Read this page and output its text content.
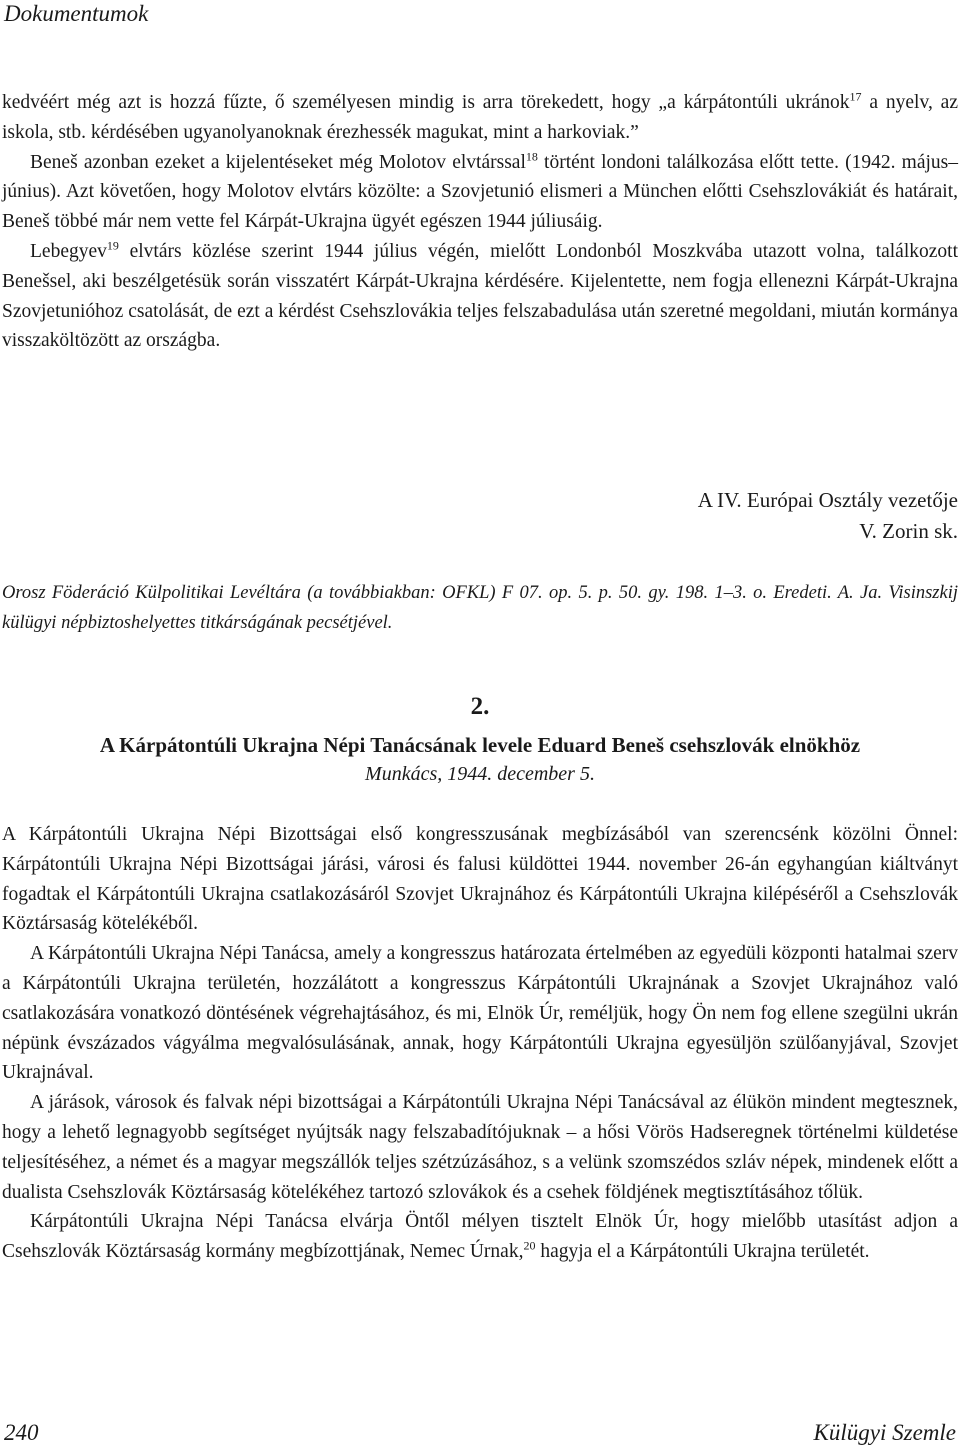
Dokumentumok

kedvéért még azt is hozzá fűzte, ő személyesen mindig is arra törekedett, hogy „a kárpátontúli ukránok$^{17}$ a nyelv, az iskola, stb. kérdésében ugyanolyanoknak érezhessék magukat, mint a harkoviak.”

Beneš azonban ezeket a kijelentéseket még Molotov elvtárssal$^{18}$ történt londoni találkozása előtt tette. (1942. május–június). Azt követően, hogy Molotov elvtárs közölte: a Szovjetunió elismeri a München előtti Csehszlovákiát és határait, Beneš többé már nem vette fel Kárpát-Ukrajna ügyét egészen 1944 júliusáig.

Lebegyev$^{19}$ elvtárs közlése szerint 1944 július végén, mielőtt Londonból Moszkvába utazott volna, találkozott Benešsel, aki beszélgetésük során visszatért Kárpát-Ukrajna kérdésére. Kijelentette, nem fogja ellenezni Kárpát-Ukrajna Szovjetunióhoz csatolását, de ezt a kérdést Csehszlovákia teljes felszabadulása után szeretné megoldani, miután kormánya visszaköltözött az országba.

A IV. Európai Osztály vezetője
V. Zorin sk.
Orosz Föderáció Külpolitikai Levéltára (a továbbiakban: OFKL) F 07. op. 5. p. 50. gy. 198. 1–3. o. Eredeti. A. Ja. Visinszkij külügyi népbiztoshelyettes titkárságának pecsétjével.
2.
A Kárpátontúli Ukrajna Népi Tanácsának levele Eduard Beneš csehszlovák elnökhöz
Munkács, 1944. december 5.

A Kárpátontúli Ukrajna Népi Bizottságai első kongresszusának megbízásából van szerencsénk közölni Önnel: Kárpátontúli Ukrajna Népi Bizottságai járási, városi és falusi küldöttei 1944. november 26-án egyhangúan kiáltványt fogadtak el Kárpátontúli Ukrajna csatlakozásáról Szovjet Ukrajnához és Kárpátontúli Ukrajna kilépéséről a Csehszlovák Köztársaság kötelékéből.

A Kárpátontúli Ukrajna Népi Tanácsa, amely a kongresszus határozata értelmében az egyedüli központi hatalmai szerv a Kárpátontúli Ukrajna területén, hozzálátott a kongresszus Kárpátontúli Ukrajnának a Szovjet Ukrajnához való csatlakozására vonatkozó döntésének végrehajtásához, és mi, Elnök Úr, reméljük, hogy Ön nem fog ellene szegülni ukrán népünk évszázados vágyálma megvalósulásának, annak, hogy Kárpátontúli Ukrajna egyesüljön szülőanyjával, Szovjet Ukrajnával.

A járások, városok és falvak népi bizottságai a Kárpátontúli Ukrajna Népi Tanácsával az élükön mindent megtesznek, hogy a lehető legnagyobb segítséget nyújtsák nagy felszabadítójuknak – a hősi Vörös Hadseregnek történelmi küldetése teljesítéséhez, a német és a magyar megszállók teljes szétzúzásához, s a velünk szomszédos szláv népek, mindenek előtt a dualista Csehszlovák Köztársaság kötelékéhez tartozó szlovákok és a csehek földjének megtisztításához tőlük.

Kárpátontúli Ukrajna Népi Tanácsa elvárja Öntől mélyen tisztelt Elnök Úr, hogy mielőbb utasítást adjon a Csehszlovák Köztársaság kormány megbízottjának, Nemec Úrnak,$^{20}$ hagyja el a Kárpátontúli Ukrajna területét.

240	Külügyi Szemle
